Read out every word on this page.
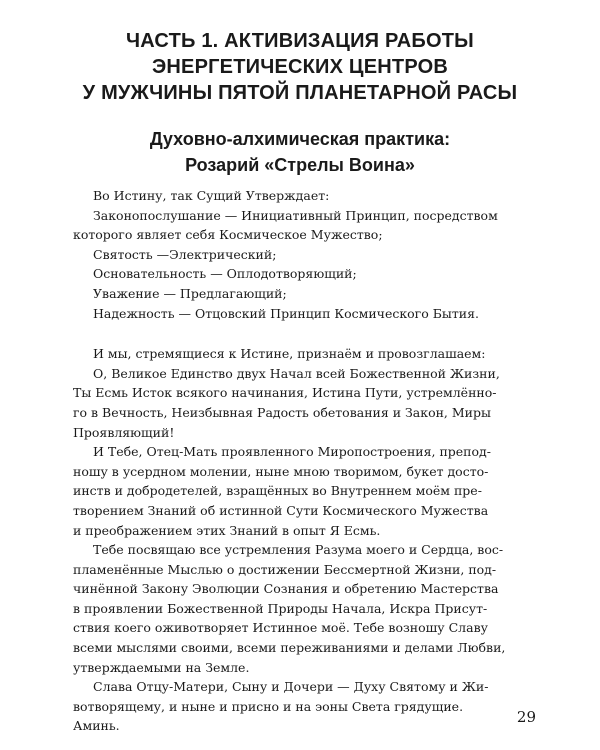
ЧАСТЬ 1. АКТИВИЗАЦИЯ РАБОТЫ
ЭНЕРГЕТИЧЕСКИХ ЦЕНТРОВ
У МУЖЧИНЫ ПЯТОЙ ПЛАНЕТАРНОЙ РАСЫ
Духовно-алхимическая практика:
Розарий «Стрелы Воина»
Во Истину, так Сущий Утверждает:
Законопослушание — Инициативный Принцип, посредством
которого являет себя Космическое Мужество;
Святость —Электрический;
Основательность — Оплодотворяющий;
Уважение — Предлагающий;
Надежность — Отцовский Принцип Космического Бытия.
И мы, стремящиеся к Истине, признаём и провозглашаем:
О, Великое Единство двух Начал всей Божественной Жизни,
Ты Есмь Исток всякого начинания, Истина Пути, устремлённо-
го в Вечность, Неизбывная Радость обетования и Закон, Миры
Проявляющий!
И Тебе, Отец-Мать проявленного Миропостроения, препод-
ношу в усердном молении, ныне мною творимом, букет досто-
инств и добродетелей, взращённых во Внутреннем моём пре-
творением Знаний об истинной Сути Космического Мужества
и преображением этих Знаний в опыт Я Есмь.
Тебе посвящаю все устремления Разума моего и Сердца, вос-
пламенённые Мыслью о достижении Бессмертной Жизни, под-
чинённой Закону Эволюции Сознания и обретению Мастерства
в проявлении Божественной Природы Начала, Искра Присут-
ствия коего оживотворяет Истинное моё. Тебе возношу Славу
всеми мыслями своими, всеми переживаниями и делами Любви,
утверждаемыми на Земле.
Слава Отцу-Матери, Сыну и Дочери — Духу Святому и Жи-
вотворящему, и ныне и присно и на эоны Света грядущие.
Аминь.	29
